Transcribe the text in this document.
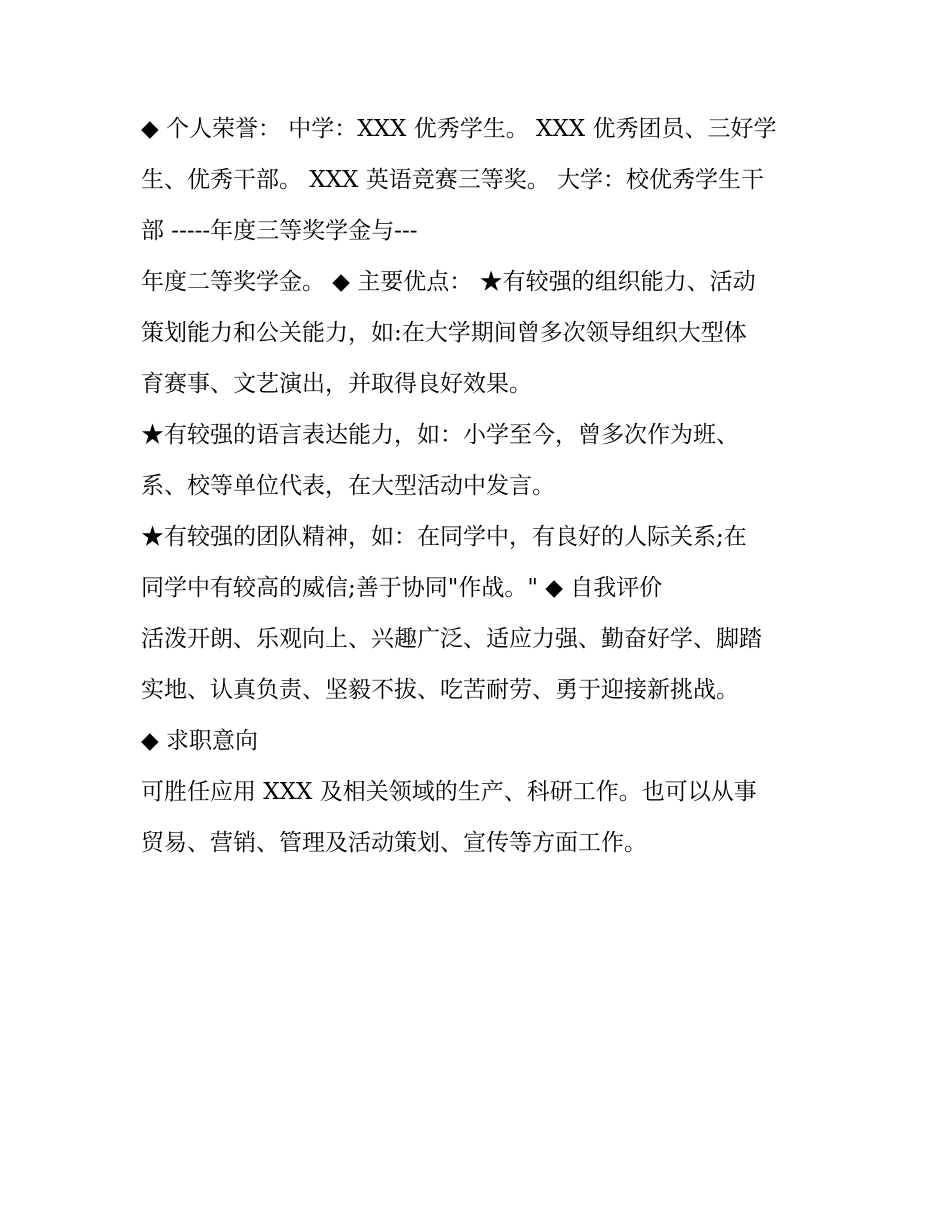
◆ 个人荣誉： 中学：XXX 优秀学生。 XXX 优秀团员、三好学
生、优秀干部。 XXX 英语竞赛三等奖。 大学：校优秀学生干
部 -----年度三等奖学金与---
年度二等奖学金。 ◆ 主要优点： ★有较强的组织能力、活动
策划能力和公关能力，如:在大学期间曾多次领导组织大型体
育赛事、文艺演出，并取得良好效果。
★有较强的语言表达能力，如：小学至今，曾多次作为班、
系、校等单位代表，在大型活动中发言。
★有较强的团队精神，如：在同学中，有良好的人际关系;在
同学中有较高的威信;善于协同"作战。" ◆ 自我评价
活泼开朗、乐观向上、兴趣广泛、适应力强、勤奋好学、脚踏
实地、认真负责、坚毅不拔、吃苦耐劳、勇于迎接新挑战。
◆ 求职意向
可胜任应用 XXX 及相关领域的生产、科研工作。也可以从事
贸易、营销、管理及活动策划、宣传等方面工作。
